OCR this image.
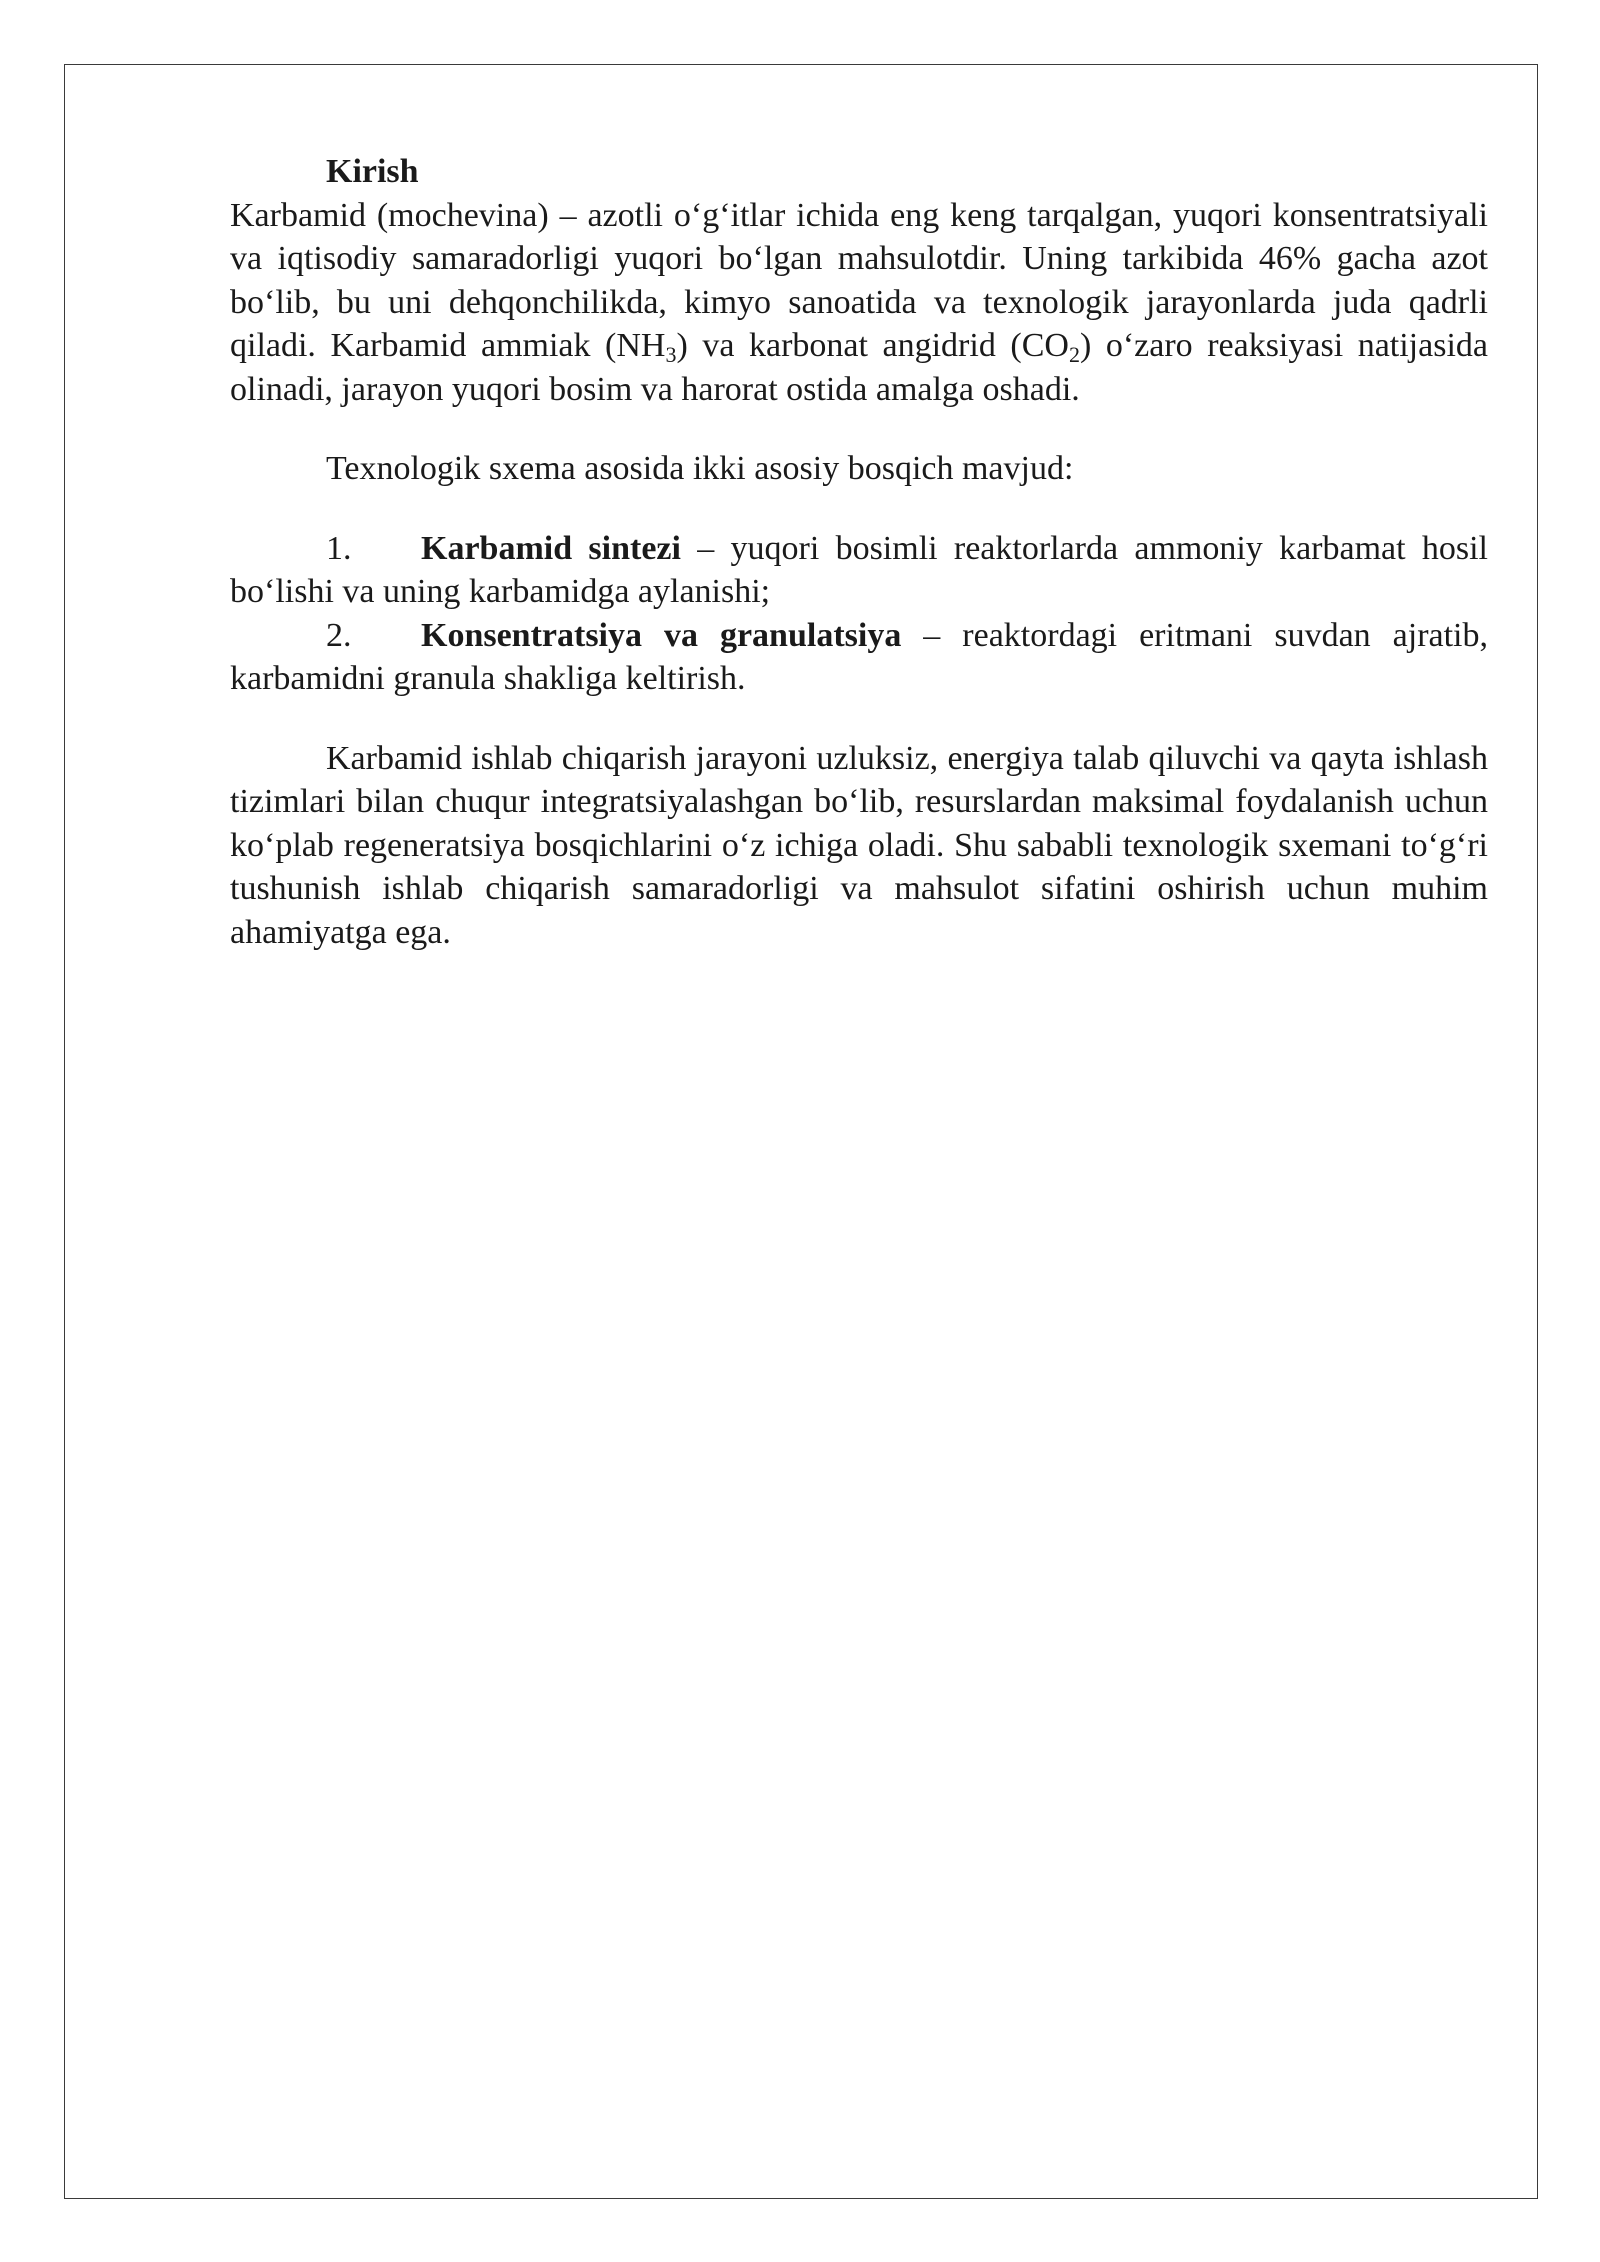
Kirish

Karbamid (mochevina) – azotli o‘g‘itlar ichida eng keng tarqalgan, yuqori konsentratsiyali va iqtisodiy samaradorligi yuqori bo‘lgan mahsulotdir. Uning tarkibida 46% gacha azot bo‘lib, bu uni dehqonchilikda, kimyo sanoatida va texnologik jarayonlarda juda qadrli qiladi. Karbamid ammiak $(NH_3)$ va karbonat angidrid $(CO_2)$ o‘zaro reaksiyasi natijasida olinadi, jarayon yuqori bosim va harorat ostida amalga oshadi.

Texnologik sxema asosida ikki asosiy bosqich mavjud:

1. Karbamid sintezi – yuqori bosimli reaktorlarda ammoniy karbamat hosil bo‘lishi va uning karbamidga aylanishi;

2. Konsentratsiya va granulatsiya – reaktordagi eritmani suvdan ajratib, karbamidni granula shakliga keltirish.

Karbamid ishlab chiqarish jarayoni uzluksiz, energiya talab qiluvchi va qayta ishlash tizimlari bilan chuqur integratsiyalashgan bo‘lib, resurslardan maksimal foydalanish uchun ko‘plab regeneratsiya bosqichlarini o‘z ichiga oladi. Shu sababli texnologik sxemani to‘g‘ri tushunish ishlab chiqarish samaradorligi va mahsulot sifatini oshirish uchun muhim ahamiyatga ega.
